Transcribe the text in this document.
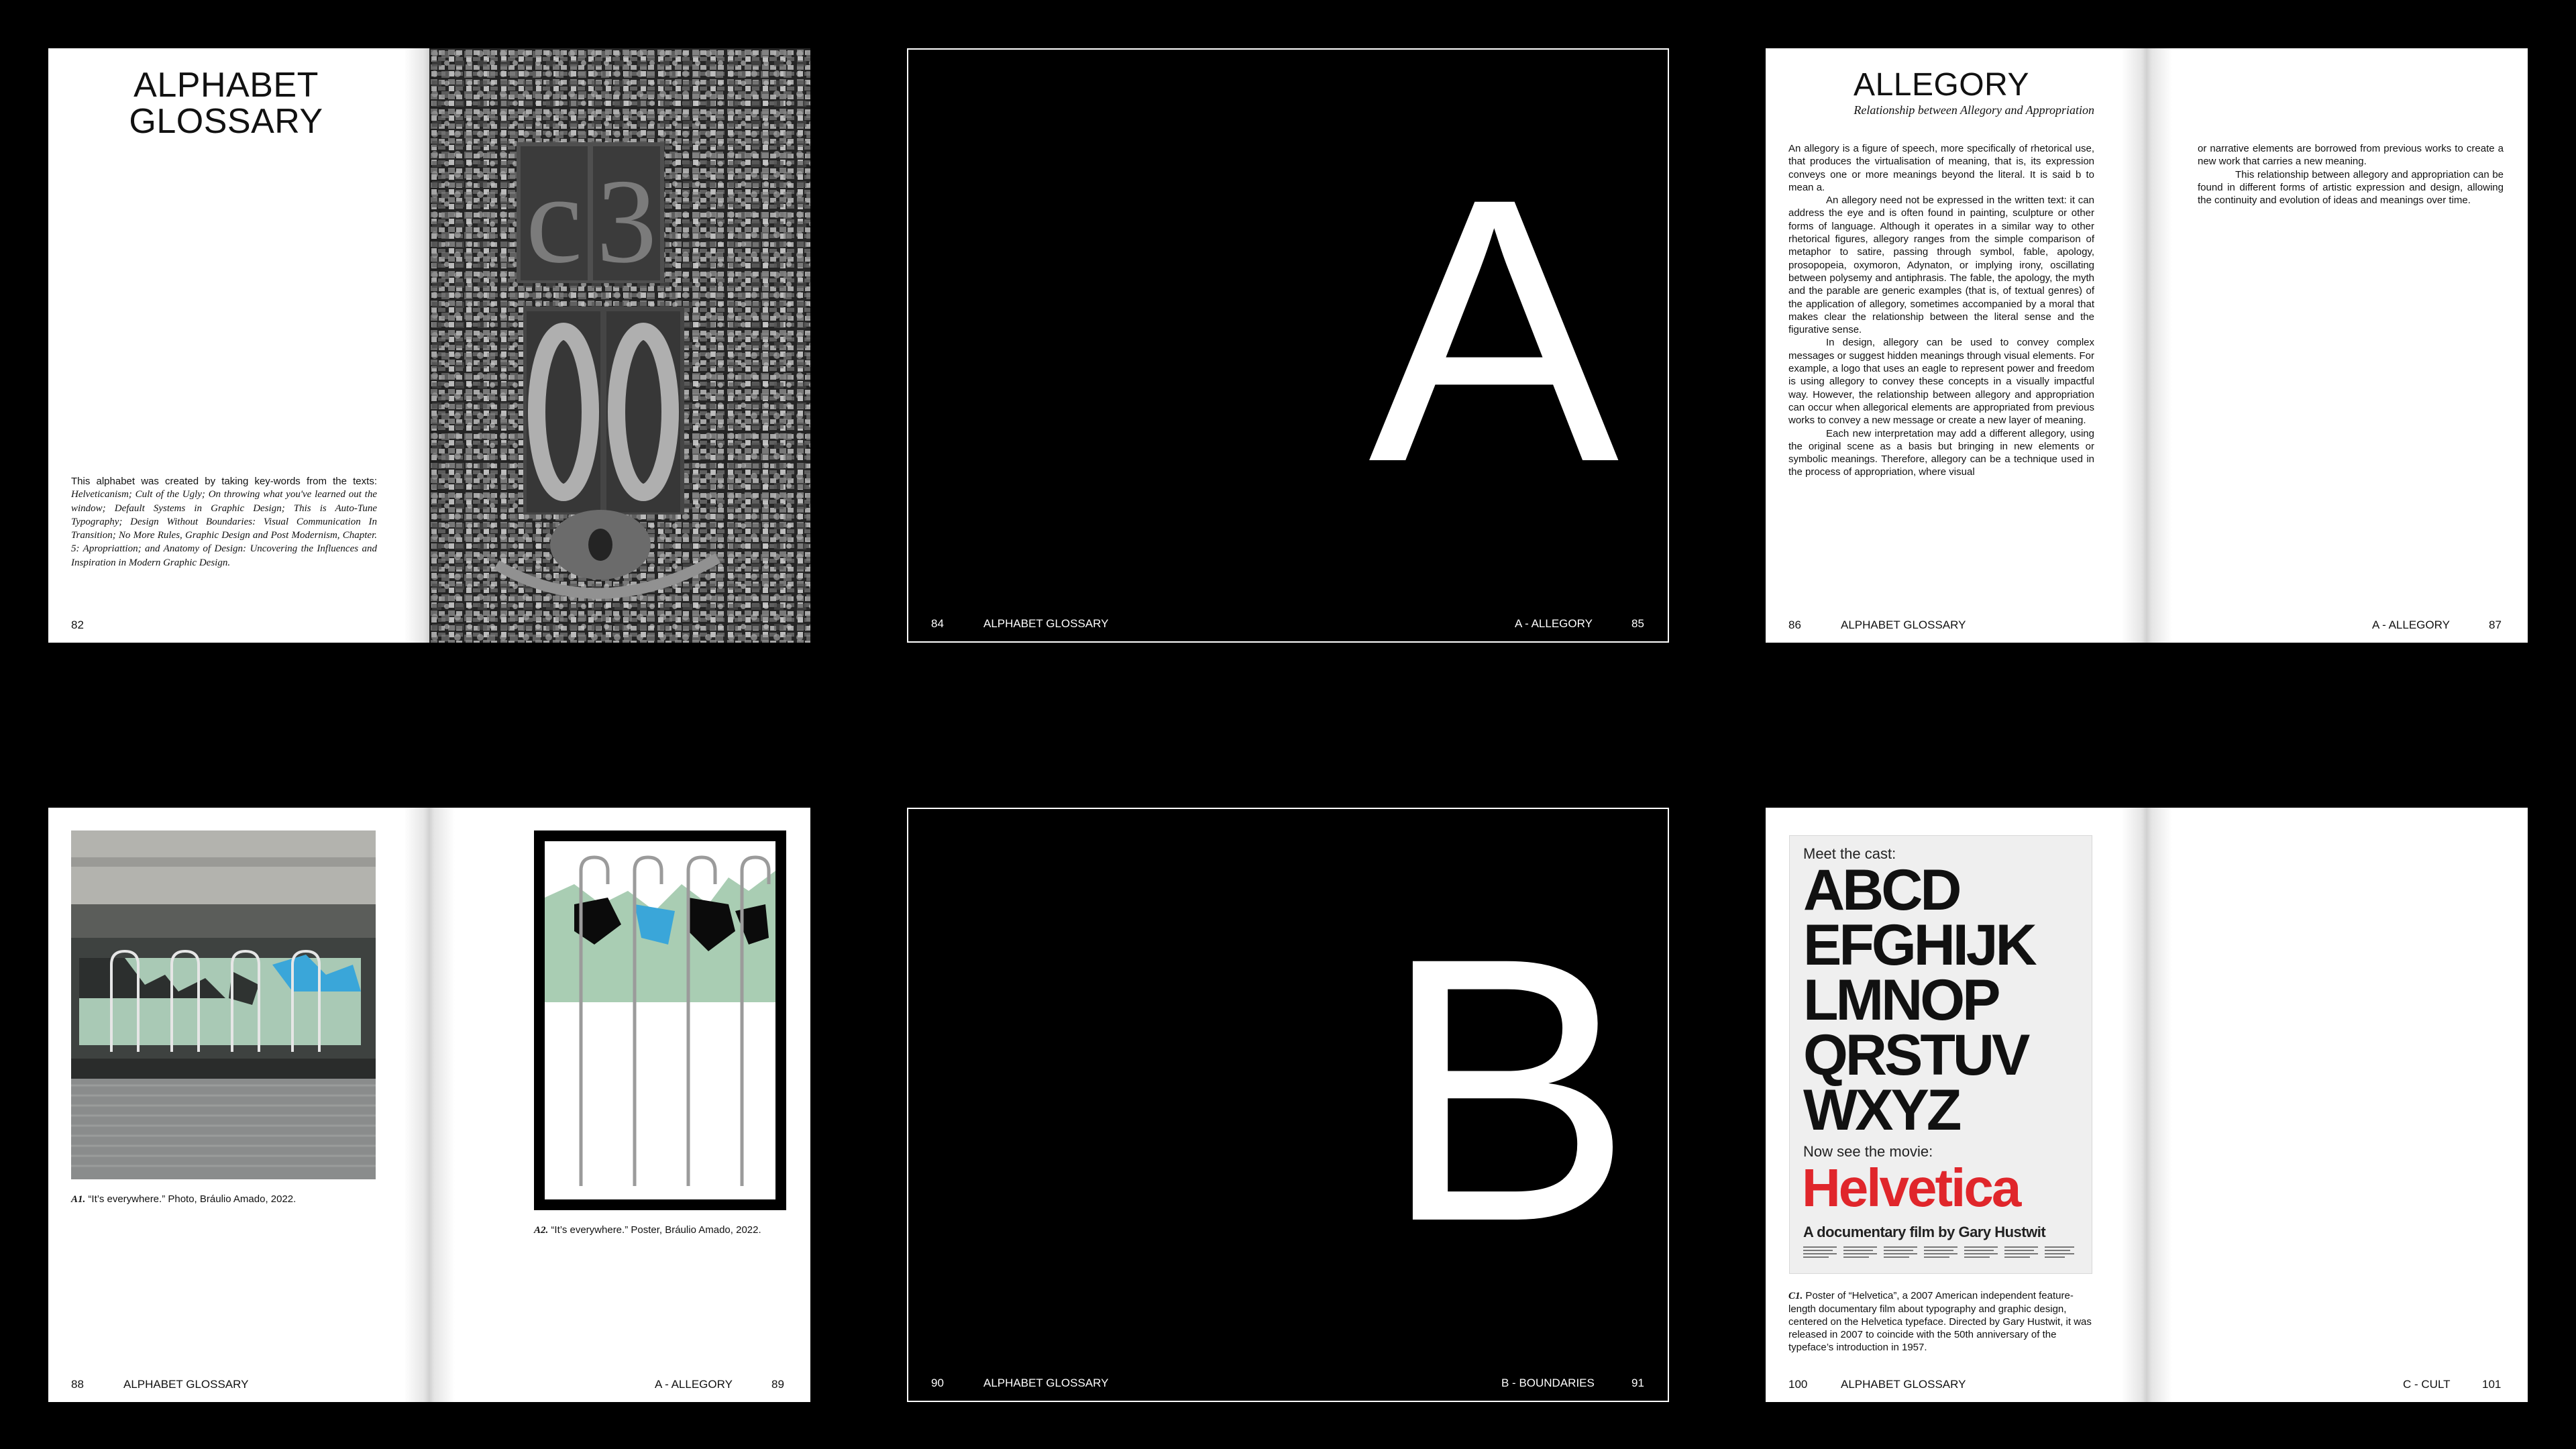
ALPHABET
GLOSSARY
This alphabet was created by taking key-words from the texts: Helveticanism; Cult of the Ugly; On throwing what you've learned out the window; Default Systems in Graphic Design; This is Auto-Tune Typography; Design Without Boundaries: Visual Communication In Transition; No More Rules, Graphic Design and Post Modernism, Chapter. 5: Apropriattion; and Anatomy of Design: Uncovering the Influences and Inspiration in Modern Graphic Design.
82
c 3 A
84	ALPHABET GLOSSARY	A - ALLEGORY	85
ALLEGORY
Relationship between Allegory and Appropriation

An allegory is a figure of speech, more specifically of rhetorical use, that produces the virtualisation of meaning, that is, its expression conveys one or more meanings beyond the literal. It is said b to mean a.

An allegory need not be expressed in the written text: it can address the eye and is often found in painting, sculpture or other forms of language. Although it operates in a similar way to other rhetorical figures, allegory ranges from the simple comparison of metaphor to satire, passing through symbol, fable, apology, prosopopeia, oxymoron, Adynaton, or implying irony, oscillating between polysemy and antiphrasis. The fable, the apology, the myth and the parable are generic examples (that is, of textual genres) of the application of allegory, sometimes accompanied by a moral that makes clear the relationship between the literal sense and the figurative sense.

In design, allegory can be used to convey complex messages or suggest hidden meanings through visual elements. For example, a logo that uses an eagle to represent power and freedom is using allegory to convey these concepts in a visually impactful way. However, the relationship between allegory and appropriation can occur when allegorical elements are appropriated from previous works to convey a new message or create a new layer of meaning.

Each new interpretation may add a different allegory, using the original scene as a basis but bringing in new elements or symbolic meanings. Therefore, allegory can be a technique used in the process of appropriation, where visual

or narrative elements are borrowed from previous works to create a new work that carries a new meaning.

This relationship between allegory and appropriation can be found in different forms of artistic expression and design, allowing the continuity and evolution of ideas and meanings over time.

86	ALPHABET GLOSSARY	A - ALLEGORY	87
A1. “It’s everywhere.” Photo, Bráulio Amado, 2022.
A2. “It’s everywhere.” Poster, Bráulio Amado, 2022.
88	ALPHABET GLOSSARY	A - ALLEGORY	89
B
90	ALPHABET GLOSSARY	B - BOUNDARIES	91
Meet the cast:
ABCD
EFGHIJK
LMNOP
QRSTUV
WXYZ
Now see the movie:
Helvetica
A documentary film by Gary Hustwit
C1. Poster of “Helvetica”, a 2007 American independent feature-length documentary film about typography and graphic design, centered on the Helvetica typeface. Directed by Gary Hustwit, it was released in 2007 to coincide with the 50th anniversary of the typeface’s introduction in 1957.
100	ALPHABET GLOSSARY	C - CULT	101
